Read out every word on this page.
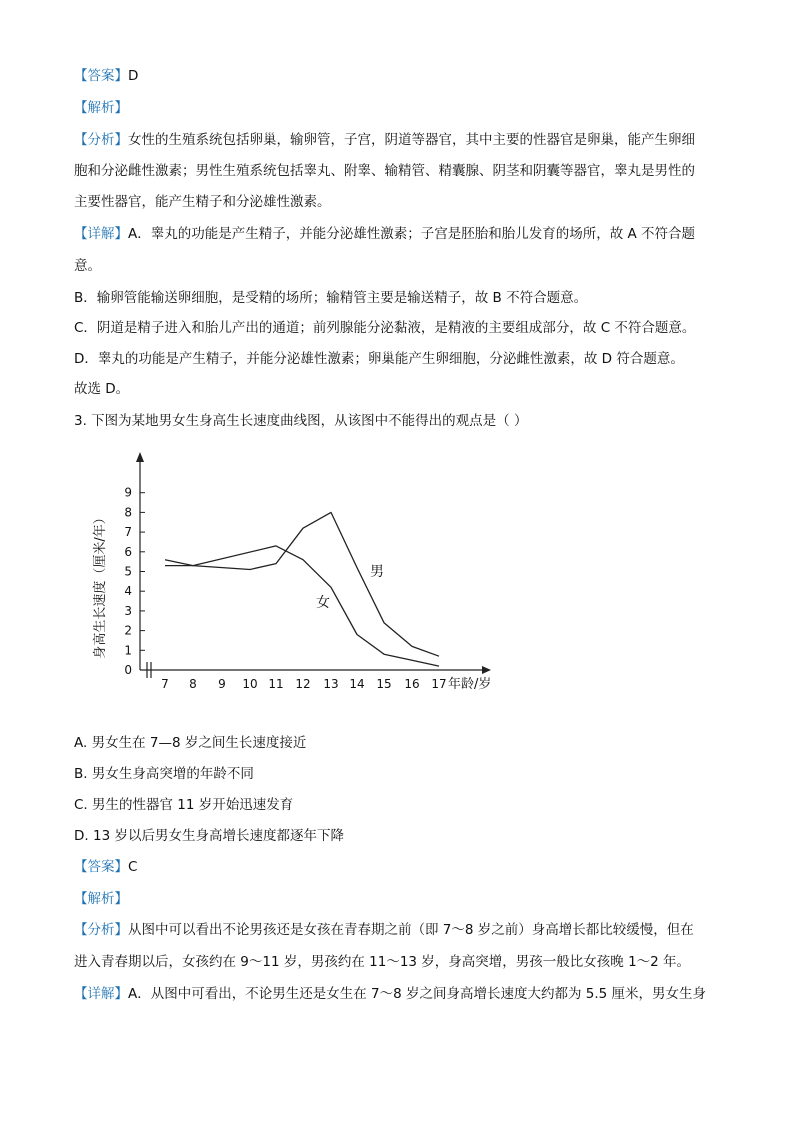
【答案】D
【解析】
【分析】女性的生殖系统包括卵巢，输卵管，子宫，阴道等器官，其中主要的性器官是卵巢，能产生卵细
胞和分泌雌性激素；男性生殖系统包括睾丸、附睾、输精管、精囊腺、阴茎和阴囊等器官，睾丸是男性的
主要性器官，能产生精子和分泌雄性激素。
【详解】A．睾丸的功能是产生精子，并能分泌雄性激素；子宫是胚胎和胎儿发育的场所，故 A 不符合题
意。
B．输卵管能输送卵细胞，是受精的场所；输精管主要是输送精子，故 B 不符合题意。
C．阴道是精子进入和胎儿产出的通道；前列腺能分泌黏液，是精液的主要组成部分，故 C 不符合题意。
D．睾丸的功能是产生精子，并能分泌雄性激素；卵巢能产生卵细胞，分泌雌性激素，故 D 符合题意。
故选 D。
3. 下图为某地男女生身高生长速度曲线图，从该图中不能得出的观点是（ ）
0
1
2
3
4
5
6
7
8
9
7 8 9 10 11 12 13 14 15 16 17
身高生长速度（厘米/年）
年龄/岁
男
女
A. 男女生在 7—8 岁之间生长速度接近
B. 男女生身高突增的年龄不同
C. 男生的性器官 11 岁开始迅速发育
D. 13 岁以后男女生身高增长速度都逐年下降
【答案】C
【解析】
【分析】从图中可以看出不论男孩还是女孩在青春期之前（即 7～8 岁之前）身高增长都比较缓慢，但在
进入青春期以后，女孩约在 9～11 岁，男孩约在 11～13 岁，身高突增，男孩一般比女孩晚 1～2 年。
【详解】A．从图中可看出，不论男生还是女生在 7～8 岁之间身高增长速度大约都为 5.5 厘米，男女生身
